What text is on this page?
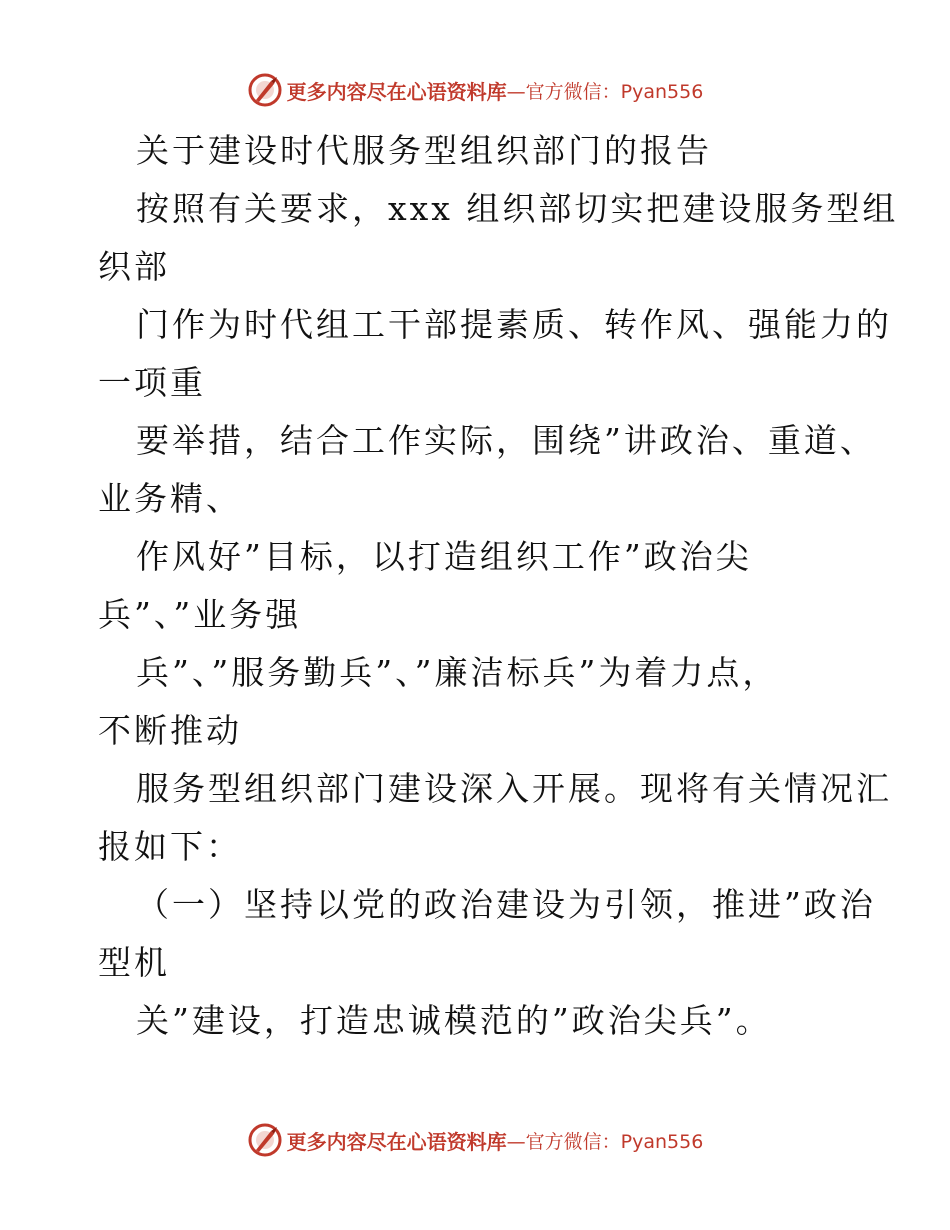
更多内容尽在心语资料库 —官方微信：Pyan556
关于建设时代服务型组织部门的报告
按照有关要求，xxx 组织部切实把建设服务型组
织部
门作为时代组工干部提素质、转作风、强能力的
一项重
要举措，结合工作实际，围绕”讲政治、重道、
业务精、
作风好”目标，以打造组织工作”政治尖
兵”、”业务强
兵”、”服务勤兵”、”廉洁标兵”为着力点，
不断推动
服务型组织部门建设深入开展。现将有关情况汇
报如下：
（一）坚持以党的政治建设为引领，推进”政治
型机
关”建设，打造忠诚模范的”政治尖兵”。
更多内容尽在心语资料库 —官方微信：Pyan556
